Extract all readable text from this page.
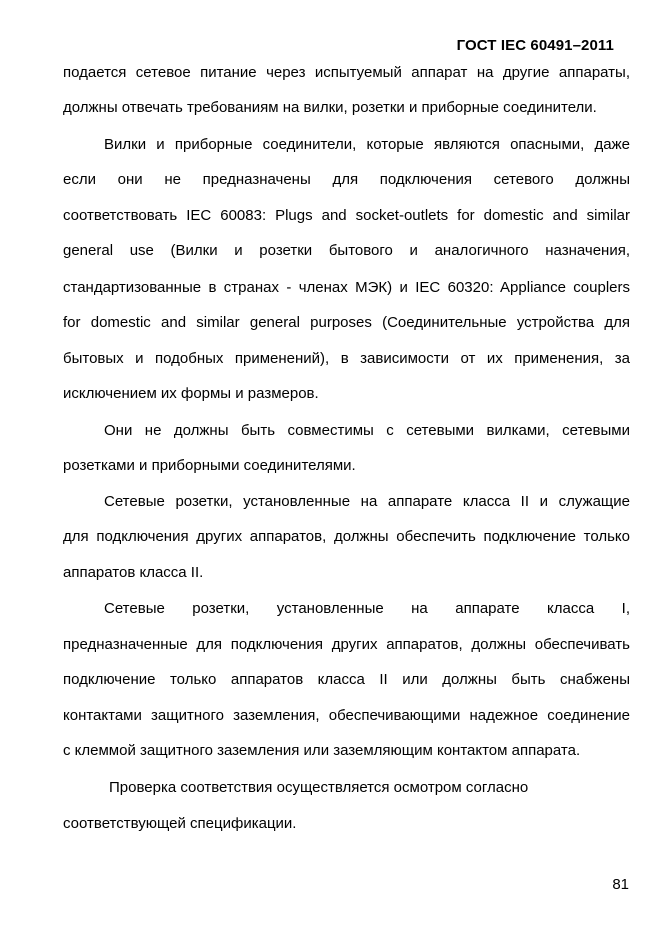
ГОСТ IEC 60491–2011
подается сетевое питание через испытуемый аппарат на другие аппараты,
должны отвечать требованиям на вилки, розетки и приборные соединители.
Вилки и приборные соединители, которые являются опасными, даже
если они не предназначены для подключения сетевого должны
соответствовать IEC 60083: Plugs and socket-outlets for domestic and similar
general use (Вилки и розетки бытового и аналогичного назначения,
стандартизованные в странах - членах МЭК) и IEC 60320: Appliance couplers
for domestic and similar general purposes (Соединительные устройства для
бытовых и подобных применений), в зависимости от их применения, за
исключением их формы и размеров.
Они не должны быть совместимы с сетевыми вилками, сетевыми
розетками и приборными соединителями.
Сетевые розетки, установленные на аппарате класса II и служащие
для подключения других аппаратов, должны обеспечить подключение только
аппаратов класса II.
Сетевые розетки, установленные на аппарате класса I,
предназначенные для подключения других аппаратов, должны обеспечивать
подключение только аппаратов класса II или должны быть снабжены
контактами защитного заземления, обеспечивающими надежное соединение
с клеммой защитного заземления или заземляющим контактом аппарата.
Проверка соответствия осуществляется осмотром согласно
соответствующей спецификации.
81
